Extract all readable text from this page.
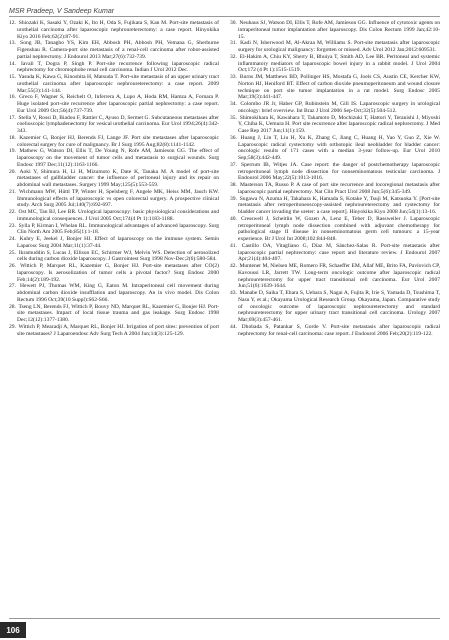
MSR Pradeep, V Sandeep Kumar

12. Shiozaki K, Sasaki Y, Ozaki K, Ito H, Oda S, Fujikata S, Kan M. Port-site metastasis of urothelial carcinoma after laparoscopic nephroureterectomy: a case report. Hinyokika Kiyo 2016 Feb;62(2):87-91.

13. Song JB, Tanagho YS, Kim EH, Abbosh PH, Abbosh PH, Vemana G, Sherburne Figenshau R. Camera-port site metastasis of a renal-cell carcinoma after robot-assisted partial nephrectomy. J Endourol 2013 Mar;27(6):732-739.

14. Iavali T, Dogra P, Singh P. Port-site recurrence following laparoscopic radical nephrectomy for chromophobe renal cell carcinoma. Indian J Urol 2012 Dec.

15. Yasuda K, Kawa G, Kinoshita H, Matsuda T. Port-site metastasis of an upper urinary tract urothelial carcinoma after laparoscopic nephroureterectomy: a case report. 2009 Mar;55(3):141-144.

16. Greco F, Wagner S, Reichelt O, Inferrera A, Lupo A, Hoda RM, Hamza A, Fornara P. Huge isolated port-site recurrence after laparoscopic partial nephrectomy: a case report. Eur Urol 2009 Oct;56(4):737-739.

17. Stella V, Rossi D, Biadou F, Rattier C, Ayuso D, Sermet G. Subcutaneous metastases after coelioscopic lymphadenectomy for vesical urothelial carcinoma. Eur Urol 1994;26(4):342-343.

18. Kazemier G, Bonjer HJ, Berends FJ, Lange JF. Port site metastases after laparoscopic colorectal surgery for cure of malignancy. Br J Surg 1995 Aug;82(8):1141-1142.

19. Mathew G, Watson DI, Ellis T, De Young N, Rofe AM, Jamieson GG. The effect of laparoscopy on the movement of tumor cells and metastasis to surgical wounds. Surg Endosc 1997 Dec;11(12):1163-1166.

20. Aoki Y, Shimura H, Li H, Mizumoto K, Date K, Tanaka M. A model of port-site metastases of gallbladder cancer: the influence of peritoneal injury and its repair on abdominal wall metastases. Surgery 1999 May;125(5):553-559.

21. Wichmann MW, Hüttl TP, Winter H, Spelsberg F, Angele MK, Heiss MM, Jauch KW. Immunological effects of laparoscopic vs open colorectal surgery. A prospective clinical study. Arch Surg 2005 Jul;140(7):692-697.

22. Ost MC, Tan BJ, Lee BR. Urological laparoscopy: basic physiological considerations and immunological consequences. J Urol 2005 Oct;174(4 Pt 1):1183-1188.

23. Sylla P, Kirman I, Whelan RL. Immunological advantages of advanced laparoscopy. Surg Clin North Am 2005 Feb;85(1):1-18.

24. Kuhry E, Jeekel J, Bonjer HJ. Effect of laparoscopy on the immune system. Semin Laparosc Surg 2004 Mar;11(1):37-44.

25. Ikramuddin S, Lucas J, Ellison EC, Schirmer WJ, Melvin WS. Detection of aerosolized cells during carbon dioxide laparoscopy. J Gastrointest Surg 1998 Nov-Dec;2(6):580-584.

26. Wittich P, Marquet RL, Kazemier G, Bonjer HJ. Port-site metastases after CO(2) laparoscopy. Is aerosolization of tumor cells a pivotal factor? Surg Endosc 2000 Feb;14(2):189-192.

27. Hewett PJ, Thomas WM, King G, Eaton M. Intraperitoneal cell movement during abdominal carbon dioxide insufflation and laparoscopy. An in vivo model. Dis Colon Rectum 1996 Oct;39(10 Suppl):S62-S66.

28. Tseng LN, Berends FJ, Wittich P, Bouvy ND, Marquet RL, Kazemier G, Bonjer HJ. Port-site metastases. Impact of local tissue trauma and gas leakage. Surg Endosc 1998 Dec;12(12):1377-1380.

29. Wittich P, Mearadji A, Marquet RL, Bonjer HJ. Irrigation of port sites: prevention of port site metastases? J Laparoendosc Adv Surg Tech A 2004 Jun;14(3):125-129.

30. Neuhaus SJ, Watson DI, Ellis T, Rofe AM, Jamieson GG. Influence of cytotoxic agents on intraperitoneal tumor implantation after laparoscopy. Dis Colon Rectum 1999 Jan;42:10-15.

31. Kadi N, Isherwood M, Al-Akraa M, Williams S. Port-site metastasis after laparoscopic surgery for urological malignancy: forgotten or missed. Adv Urol 2012 Jan;2012:609531.

32. El-Hakim A, Chiu KY, Sherry B, Bhuiya T, Smith AD, Lee BR. Peritoneal and systemic inflammatory mediators of laparoscopic bowel injury in a rabbit model. J Urol 2004 Oct;172 (4 Pt 1):1515-1519.

33. Burns JM, Matthews BD, Pollinger HS, Mostafa G, Joels CS, Austin CE, Kercher KW, Norton HJ, Heniford BT. Effect of carbon dioxide pneumoperitoneum and wound closure technique on port site tumor implantation in a rat model. Surg Endosc 2005 Mar;19(3):441-447.

34. Colombo JR Jr, Haber GP, Rubinstein M, Gill IS. Laparoscopic surgery in urological oncology: brief overview. Int Braz J Urol 2006 Sep-Oct;32(5):504-512.

35. Shimokihara K, Kawahara T, Takamoto D, Mochizuki T, Hattori Y, Teranishi J, Miyoshi Y, Chiba K, Uemura H. Port site recurrence after laparoscopic radical nephrectomy. J Med Case Rep 2017 Jun;11(1):159.

36. Huang J, Lin T, Liu H, Xu K, Zhang C, Jiang C, Huang H, Yao Y, Guo Z, Xie W. Laparoscopic radical cystectomy with orthotopic ileal neobladder for bladder cancer: oncologic results of 171 cases with a median 3-year follow-up. Eur Urol 2010 Sep;58(3):442-449.

37. Sperrum IB, Witjes JA. Case report: the danger of postchemotherapy laparoscopic retroperitoneal lymph node dissection for nonseminomatous testicular carcinoma. J Endourol 2006 May;22(5):1013-1016.

38. Masterson TA, Russo P. A case of port site recurrence and locoregional metastasis after laparoscopic partial nephrectomy. Nat Clin Pract Urol 2008 Jun;5(6):345-349.

39. Sugawa N, Azuma H, Takahara K, Hamada S, Kotake Y, Tsuji M, Katsuoka Y. [Port-site metastasis after retroperitoneoscopy-assisted nephroureterectomy and cystectomy for bladder cancer invading the ureter: a case report]. Hinyokika Kiyo 2008 Jun;54(1):13-16.

40. Cresswell J, Scheitlin W, Gozen A, Lenz E, Teber D, Rassweiler J. Laparoscopic retroperitoneal lymph node dissection combined with adjuvant chemotherapy for pathological stage II disease in nonseminomatous germ cell tumours: a 15-year experience. Br J Urol Int 2008;102:844-848.

41. Castillo OA, Vitagliano G, Díaz M, Sánchez-Salas R. Port-site metastasis after laparoscopic partial nephrectomy: case report and literature review. J Endourol 2007 Apr;21(4):404-407.

42. Muntener M, Nielsen ME, Romero FR, Schaeffer EM, Allaf ME, Brito FA, Pavlovich CP, Kavoussi LR, Jarrett TW. Long-term oncologic outcome after laparoscopic radical nephroureterectomy for upper tract transitional cell carcinoma. Eur Urol 2007 Jun;51(6):1639-1644.

43. Manabe D, Saika T, Ebara S, Uehara S, Nagai A, Fujita R, Irie S, Yamada D, Tsushima T, Nasu Y, et al.; Okayama Urological Research Group. Okayama, Japan. Comparative study of oncologic outcome of laparoscopic nephroureterectomy and standard nephroureterectomy for upper urinary tract transitional cell carcinoma. Urology 2007 Mar;69(3):457-461.

44. Dhobada S, Patankar S, Gorde V. Port-site metastasis after laparoscopic radical nephrectomy for renal-cell carcinoma: case report. J Endourol 2006 Feb;20(2):119-122.

106
